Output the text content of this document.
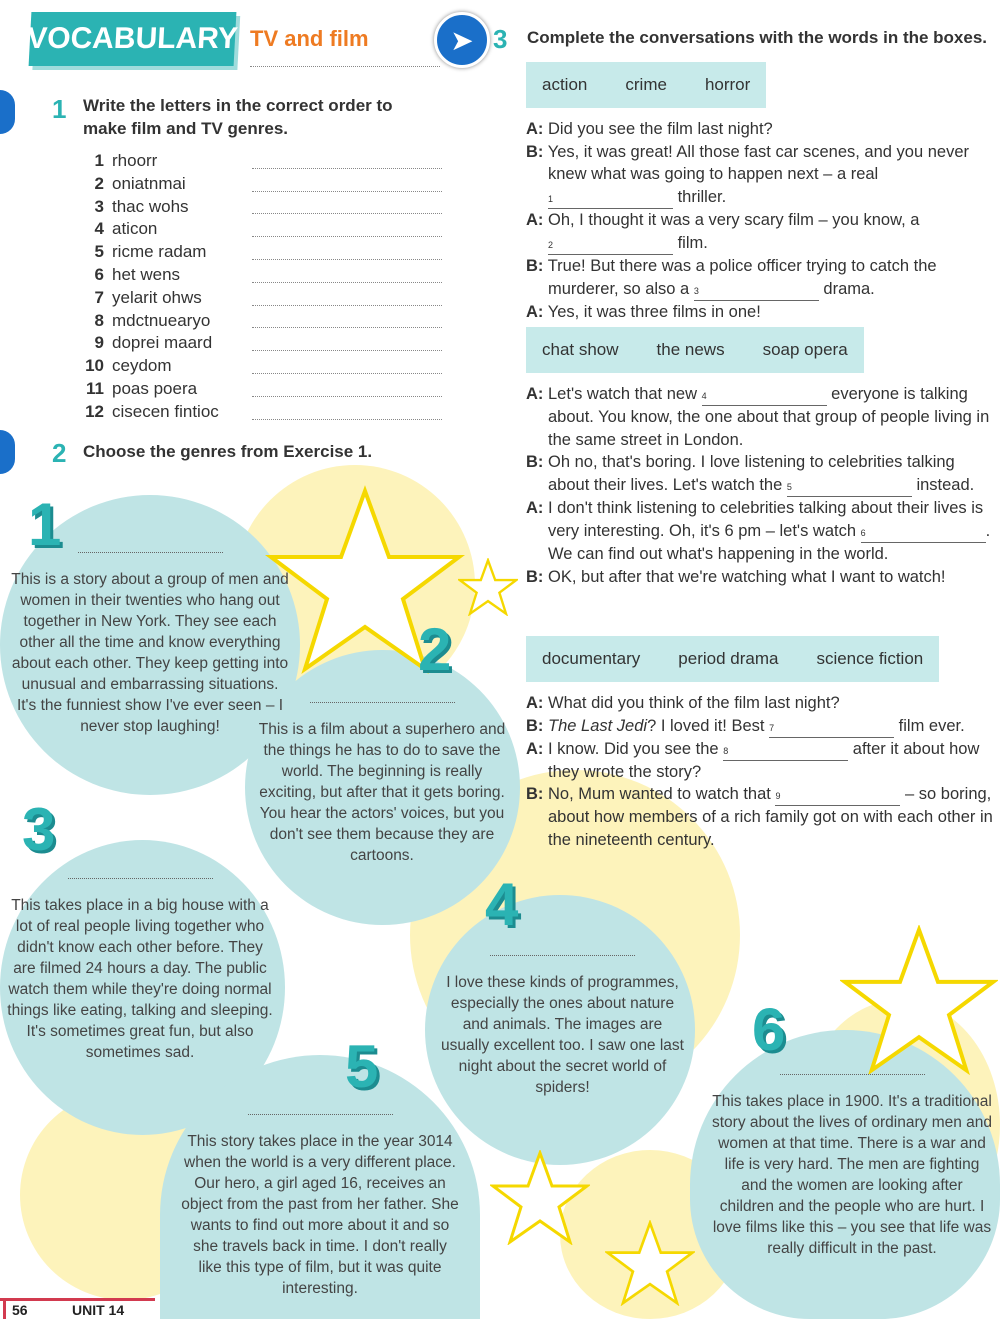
VOCABULARY TV and film	➤
1 Write the letters in the correct order to make film and TV genres.
1 rhoorr
2 oniatnmai
3 thac wohs
4 aticon
5 ricme radam
6 het wens
7 yelarit ohws
8 mdctnuearyo
9 doprei maard
10 ceydom
11 poas poera
12 cisecen fintioc
2 Choose the genres from Exercise 1.
1
2
3
4
5
6
This is a story about a group of men and women in their twenties who hang out together in New York. They see each other all the time and know everything about each other. They keep getting into unusual and embarrassing situations. It's the funniest show I've ever seen – I never stop laughing!	This is a film about a superhero and the things he has to do to save the world. The beginning is really exciting, but after that it gets boring. You hear the actors' voices, but you don't see them because they are cartoons.
This takes place in a big house with a lot of real people living together who didn't know each other before. They are filmed 24 hours a day. The public watch them while they're doing normal things like eating, talking and sleeping. It's sometimes great fun, but also sometimes sad.
I love these kinds of programmes, especially the ones about nature and animals. The images are usually excellent too. I saw one last night about the secret world of spiders!
This story takes place in the year 3014 when the world is a very different place. Our hero, a girl aged 16, receives an object from the past from her father. She wants to find out more about it and so she travels back in time. I don't really like this type of film, but it was quite interesting.
This takes place in 1900. It's a traditional story about the lives of ordinary men and women at that time. There is a war and life is very hard. The men are fighting and the women are looking after children and the people who are hurt. I love films like this – you see that life was really difficult in the past.
3 Complete the conversations with the words in the boxes.
action crime horror
A: Did you see the film last night?
B: Yes, it was great! All those fast car scenes, and you never knew what was going to happen next – a real 1	thriller.
A: Oh, I thought it was a very scary film – you know, a 2	film.
B: True! But there was a police officer trying to catch the murderer, so also a 3	drama.
A: Yes, it was three films in one!
chat show the news soap opera
A: Let's watch that new 4	everyone is talking about. You know, the one about that group of people living in the same street in London.
B: Oh no, that's boring. I love listening to celebrities talking about their lives. Let's watch the 5	instead.
A: I don't think listening to celebrities talking about their lives is very interesting. Oh, it's 6 pm – let's watch 6	. We can find out what's happening in the world.
B: OK, but after that we're watching what I want to watch!
documentary period drama science fiction
A: What did you think of the film last night?
B: The Last Jedi? I loved it! Best 7	film ever.
A: I know. Did you see the 8	after it about how they wrote the story?
B: No, Mum wanted to watch that 9	– so boring, about how members of a rich family got on with each other in the nineteenth century.
56	UNIT 14
